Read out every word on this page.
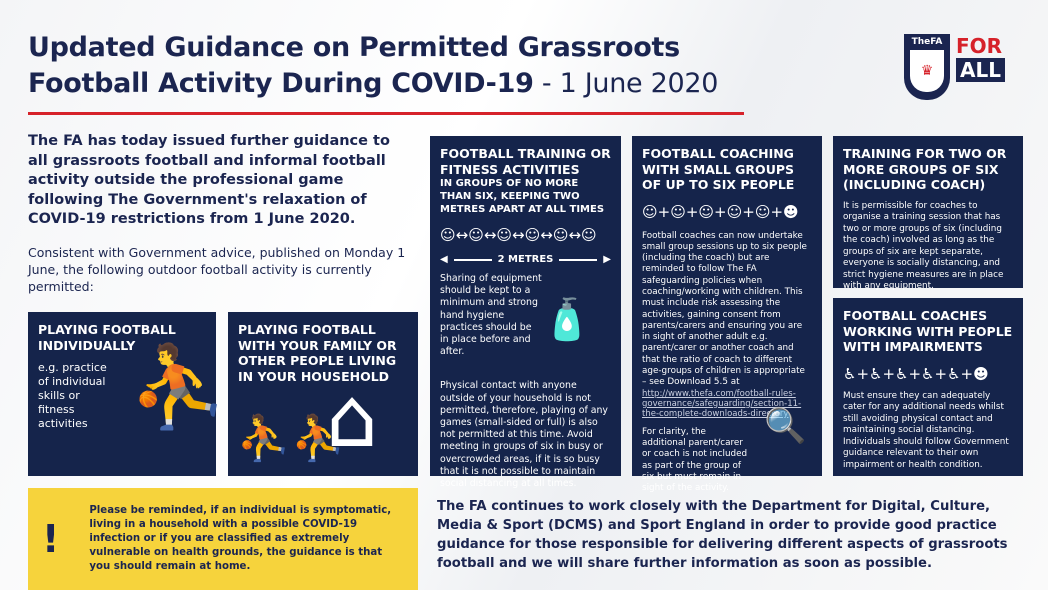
Updated Guidance on Permitted Grassroots
Football Activity During COVID-19 - 1 June 2020
TheFA
♛
FOR
ALL
The FA has today issued further guidance to all grassroots football and informal football activity outside the professional game following The Government's relaxation of COVID-19 restrictions from 1 June 2020.
Consistent with Government advice, published on Monday 1 June, the following outdoor football activity is currently permitted:
PLAYING FOOTBALL INDIVIDUALLY

e.g. practice of individual skills or fitness activities ⛹
PLAYING FOOTBALL WITH YOUR FAMILY OR OTHER PEOPLE LIVING IN YOUR HOUSEHOLD
⛹⛹
⌂
FOOTBALL TRAINING OR FITNESS ACTIVITIES
IN GROUPS OF NO MORE THAN SIX, KEEPING TWO METRES APART AT ALL TIMES
☺↔☺↔☺↔☺↔☺↔☺
◀	2 METRES	▶

Sharing of equipment should be kept to a minimum and strong hand hygiene practices should be in place before and after.

🧴

Physical contact with anyone outside of your household is not permitted, therefore, playing of any games (small-sided or full) is also not permitted at this time. Avoid meeting in groups of six in busy or overcrowded areas, if it is so busy that it is not possible to maintain social distancing at all times.

FOOTBALL COACHING WITH SMALL GROUPS OF UP TO SIX PEOPLE
☺+☺+☺+☺+☺+☻

Football coaches can now undertake small group sessions up to six people (including the coach) but are reminded to follow The FA safeguarding policies when coaching/working with children. This must include risk assessing the activities, gaining consent from parents/carers and ensuring you are in sight of another adult e.g. parent/carer or another coach and that the ratio of coach to different age-groups of children is appropriate – see Download 5.5 at

http://www.thefa.com/football-rules-governance/safeguarding/section-11-the-complete-downloads-directory

For clarity, the additional parent/carer or coach is not included as part of the group of six but must remain in sight of the activity.

🔍
TRAINING FOR TWO OR MORE GROUPS OF SIX (INCLUDING COACH)

It is permissible for coaches to organise a training session that has two or more groups of six (including the coach) involved as long as the groups of six are kept separate, everyone is socially distancing, and strict hygiene measures are in place with any equipment.

FOOTBALL COACHES WORKING WITH PEOPLE WITH IMPAIRMENTS
♿+♿+♿+♿+♿+☻

Must ensure they can adequately cater for any additional needs whilst still avoiding physical contact and maintaining social distancing. Individuals should follow Government guidance relevant to their own impairment or health condition.

!

Please be reminded, if an individual is symptomatic, living in a household with a possible COVID-19 infection or if you are classified as extremely vulnerable on health grounds, the guidance is that you should remain at home.

The FA continues to work closely with the Department for Digital, Culture, Media & Sport (DCMS) and Sport England in order to provide good practice guidance for those responsible for delivering different aspects of grassroots football and we will share further information as soon as possible.
